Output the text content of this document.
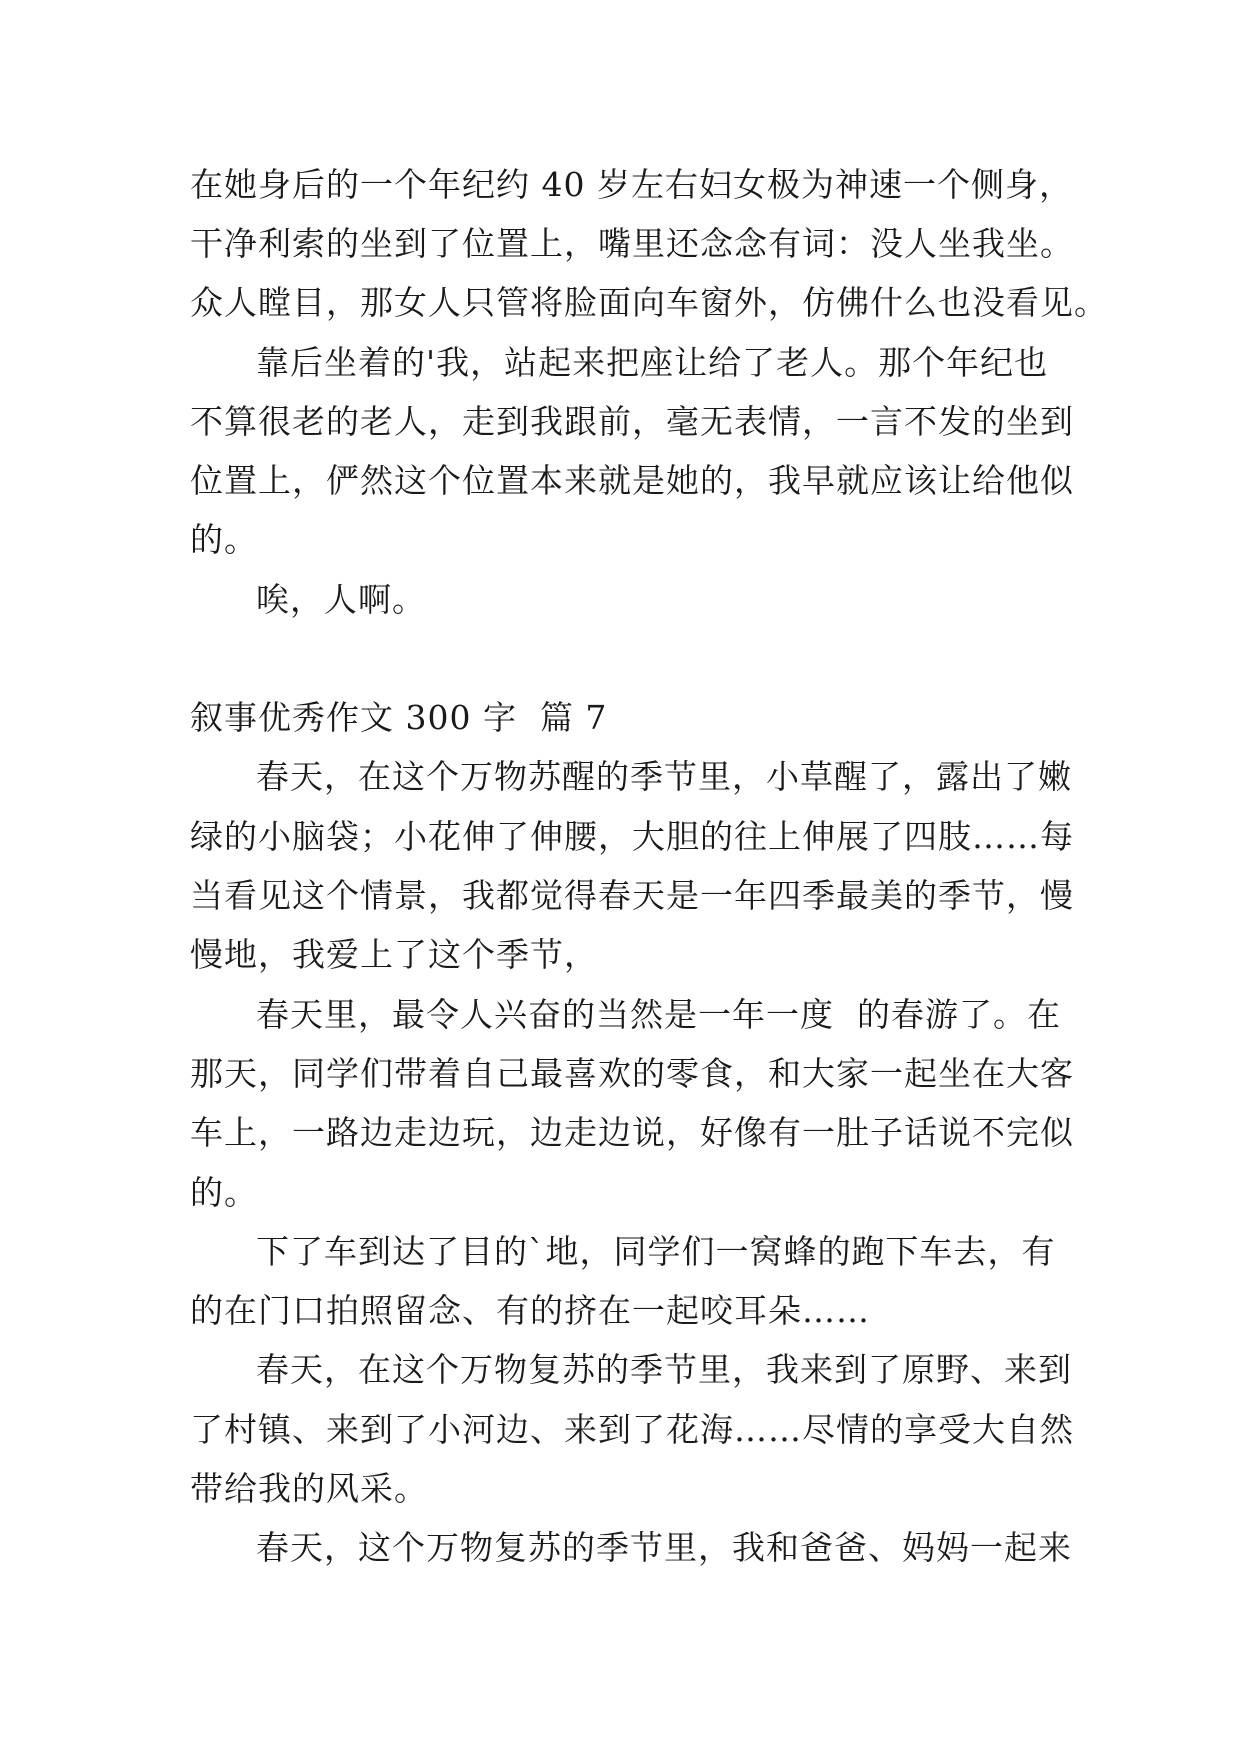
在她身后的一个年纪约 40 岁左右妇女极为神速一个侧身，
干净利索的坐到了位置上，嘴里还念念有词：没人坐我坐。
众人瞠目，那女人只管将脸面向车窗外，仿佛什么也没看见。
靠后坐着的'我，站起来把座让给了老人。那个年纪也
不算很老的老人，走到我跟前，毫无表情，一言不发的坐到
位置上，俨然这个位置本来就是她的，我早就应该让给他似
的。
唉，人啊。
叙事优秀作文 300 字  篇 7
春天，在这个万物苏醒的季节里，小草醒了，露出了嫩
绿的小脑袋；小花伸了伸腰，大胆的往上伸展了四肢……每
当看见这个情景，我都觉得春天是一年四季最美的季节，慢
慢地，我爱上了这个季节，
春天里，最令人兴奋的当然是一年一度  的春游了。在
那天，同学们带着自己最喜欢的零食，和大家一起坐在大客
车上，一路边走边玩，边走边说，好像有一肚子话说不完似
的。
下了车到达了目的`地，同学们一窝蜂的跑下车去，有
的在门口拍照留念、有的挤在一起咬耳朵……
春天，在这个万物复苏的季节里，我来到了原野、来到
了村镇、来到了小河边、来到了花海……尽情的享受大自然
带给我的风采。
春天，这个万物复苏的季节里，我和爸爸、妈妈一起来
